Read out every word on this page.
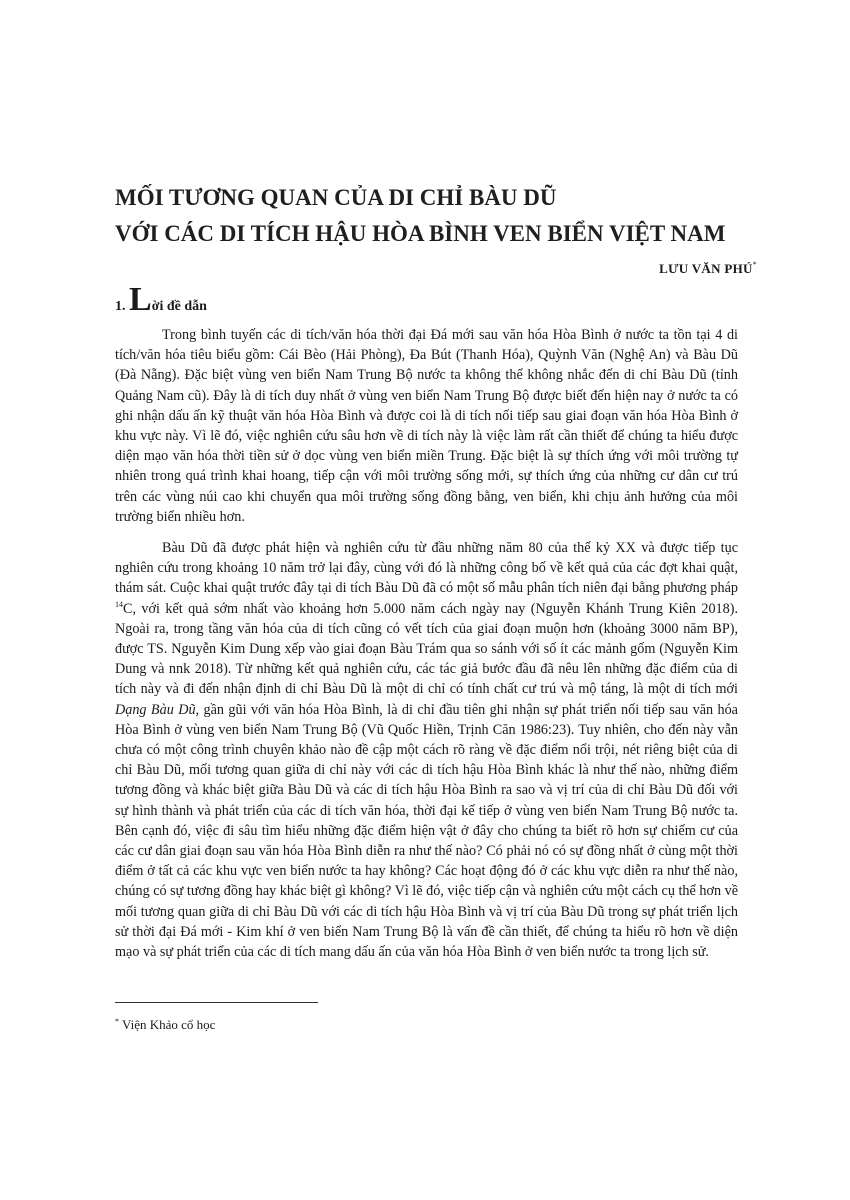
MỐI TƯƠNG QUAN CỦA DI CHỈ BÀU DŨ
VỚI CÁC DI TÍCH HẬU HÒA BÌNH VEN BIỂN VIỆT NAM
LƯU VĂN PHÚ*
1. Lời đề dẫn

Trong bình tuyến các di tích/văn hóa thời đại Đá mới sau văn hóa Hòa Bình ở nước ta tồn tại 4 di tích/văn hóa tiêu biểu gồm: Cái Bèo (Hải Phòng), Đa Bút (Thanh Hóa), Quỳnh Văn (Nghệ An) và Bàu Dũ (Đà Nẵng). Đặc biệt vùng ven biển Nam Trung Bộ nước ta không thể không nhắc đến di chỉ Bàu Dũ (tỉnh Quảng Nam cũ). Đây là di tích duy nhất ở vùng ven biển Nam Trung Bộ được biết đến hiện nay ở nước ta có ghi nhận dấu ấn kỹ thuật văn hóa Hòa Bình và được coi là di tích nối tiếp sau giai đoạn văn hóa Hòa Bình ở khu vực này. Vì lẽ đó, việc nghiên cứu sâu hơn về di tích này là việc làm rất cần thiết để chúng ta hiểu được diện mạo văn hóa thời tiền sử ở dọc vùng ven biển miền Trung. Đặc biệt là sự thích ứng với môi trường tự nhiên trong quá trình khai hoang, tiếp cận với môi trường sống mới, sự thích ứng của những cư dân cư trú trên các vùng núi cao khi chuyển qua môi trường sống đồng bằng, ven biển, khi chịu ảnh hưởng của môi trường biển nhiều hơn.

Bàu Dũ đã được phát hiện và nghiên cứu từ đầu những năm 80 của thế kỷ XX và được tiếp tục nghiên cứu trong khoảng 10 năm trở lại đây, cùng với đó là những công bố về kết quả của các đợt khai quật, thám sát. Cuộc khai quật trước đây tại di tích Bàu Dũ đã có một số mẫu phân tích niên đại bằng phương pháp $^{14}$C, với kết quả sớm nhất vào khoảng hơn 5.000 năm cách ngày nay (Nguyễn Khánh Trung Kiên 2018). Ngoài ra, trong tầng văn hóa của di tích cũng có vết tích của giai đoạn muộn hơn (khoảng 3000 năm BP), được TS. Nguyễn Kim Dung xếp vào giai đoạn Bàu Trám qua so sánh với số ít các mảnh gốm (Nguyễn Kim Dung và nnk 2018). Từ những kết quả nghiên cứu, các tác giả bước đầu đã nêu lên những đặc điểm của di tích này và đi đến nhận định di chỉ Bàu Dũ là một di chỉ có tính chất cư trú và mộ táng, là một di tích mới Dạng Bàu Dũ, gần gũi với văn hóa Hòa Bình, là di chỉ đầu tiên ghi nhận sự phát triển nối tiếp sau văn hóa Hòa Bình ở vùng ven biển Nam Trung Bộ (Vũ Quốc Hiền, Trịnh Căn 1986:23). Tuy nhiên, cho đến này vẫn chưa có một công trình chuyên khảo nào đề cập một cách rõ ràng về đặc điểm nổi trội, nét riêng biệt của di chỉ Bàu Dũ, mối tương quan giữa di chỉ này với các di tích hậu Hòa Bình khác là như thế nào, những điểm tương đồng và khác biệt giữa Bàu Dũ và các di tích hậu Hòa Bình ra sao và vị trí của di chỉ Bàu Dũ đối với sự hình thành và phát triển của các di tích văn hóa, thời đại kế tiếp ở vùng ven biển Nam Trung Bộ nước ta. Bên cạnh đó, việc đi sâu tìm hiểu những đặc điểm hiện vật ở đây cho chúng ta biết rõ hơn sự chiếm cư của các cư dân giai đoạn sau văn hóa Hòa Bình diễn ra như thế nào? Có phải nó có sự đồng nhất ở cùng một thời điểm ở tất cả các khu vực ven biển nước ta hay không? Các hoạt động đó ở các khu vực diễn ra như thế nào, chúng có sự tương đồng hay khác biệt gì không? Vì lẽ đó, việc tiếp cận và nghiên cứu một cách cụ thể hơn về mối tương quan giữa di chỉ Bàu Dũ với các di tích hậu Hòa Bình và vị trí của Bàu Dũ trong sự phát triển lịch sử thời đại Đá mới - Kim khí ở ven biển Nam Trung Bộ là vấn đề cần thiết, để chúng ta hiểu rõ hơn về diện mạo và sự phát triển của các di tích mang dấu ấn của văn hóa Hòa Bình ở ven biển nước ta trong lịch sử.

* Viện Khảo cổ học
